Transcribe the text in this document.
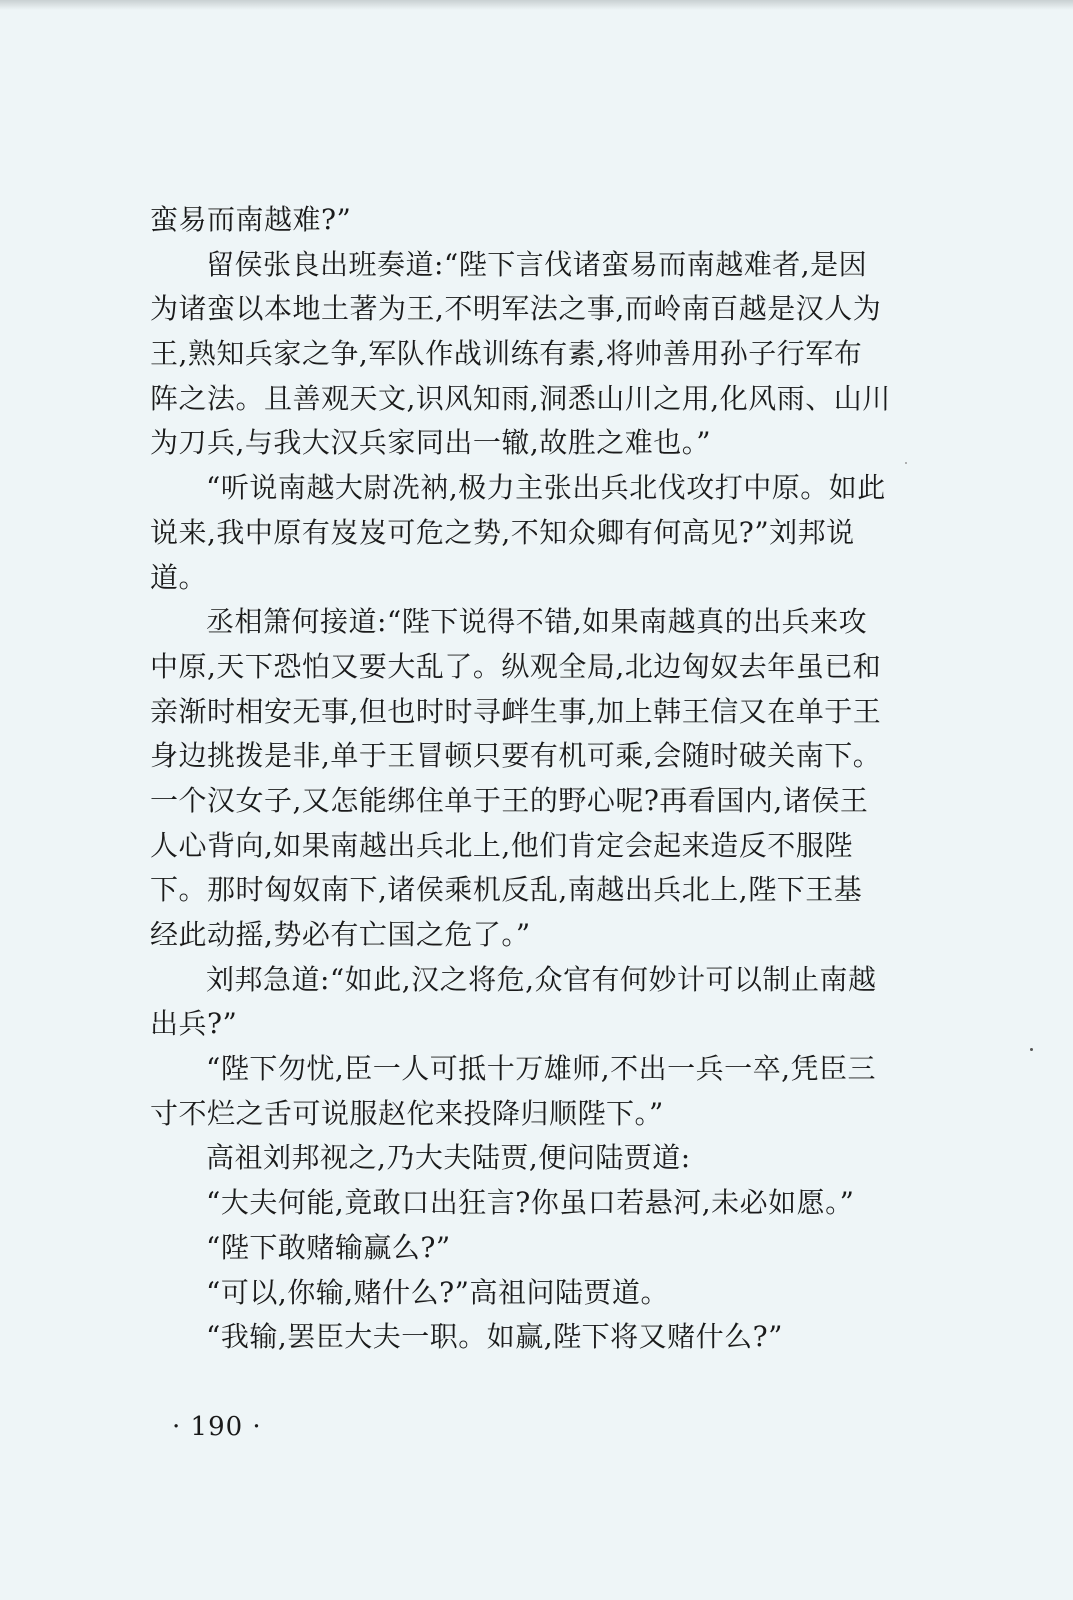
蛮易而南越难?”
留侯张良出班奏道:“陛下言伐诸蛮易而南越难者,是因
为诸蛮以本地土著为王,不明军法之事,而岭南百越是汉人为
王,熟知兵家之争,军队作战训练有素,将帅善用孙子行军布
阵之法。且善观天文,识风知雨,洞悉山川之用,化风雨、山川
为刀兵,与我大汉兵家同出一辙,故胜之难也。”
“听说南越大尉冼衲,极力主张出兵北伐攻打中原。如此
说来,我中原有岌岌可危之势,不知众卿有何高见?”刘邦说
道。
丞相箫何接道:“陛下说得不错,如果南越真的出兵来攻
中原,天下恐怕又要大乱了。纵观全局,北边匈奴去年虽已和
亲渐时相安无事,但也时时寻衅生事,加上韩王信又在单于王
身边挑拨是非,单于王冒顿只要有机可乘,会随时破关南下。
一个汉女子,又怎能绑住单于王的野心呢?再看国内,诸侯王
人心背向,如果南越出兵北上,他们肯定会起来造反不服陛
下。那时匈奴南下,诸侯乘机反乱,南越出兵北上,陛下王基
经此动摇,势必有亡国之危了。”
刘邦急道:“如此,汉之将危,众官有何妙计可以制止南越
出兵?”
“陛下勿忧,臣一人可抵十万雄师,不出一兵一卒,凭臣三
寸不烂之舌可说服赵佗来投降归顺陛下。”
高祖刘邦视之,乃大夫陆贾,便问陆贾道:
“大夫何能,竟敢口出狂言?你虽口若悬河,未必如愿。”
“陛下敢赌输赢么?”
“可以,你输,赌什么?”高祖问陆贾道。
“我输,罢臣大夫一职。如赢,陛下将又赌什么?”
· 190 ·
